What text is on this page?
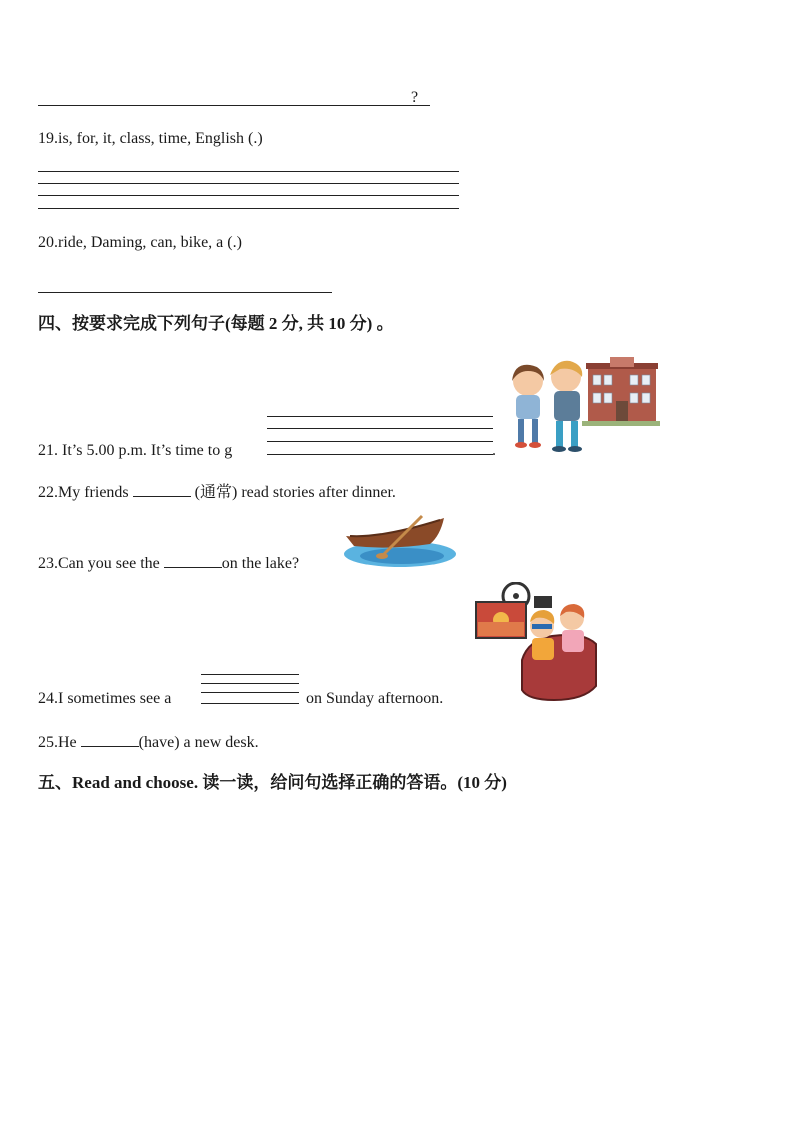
?
19.is, for, it, class, time, English (.)
20.ride, Daming, can, bike, a (.)
四、按要求完成下列句子(每题 2 分, 共 10 分) 。
21. It’s 5.00 p.m. It’s time to g	.
22.My friends	(通常) read stories after dinner.
23.Can you see the	on the lake?
24.I sometimes see a	on Sunday afternoon.
25.He	(have) a new desk.
五、Read and choose. 读一读，给问句选择正确的答语。(10 分)
